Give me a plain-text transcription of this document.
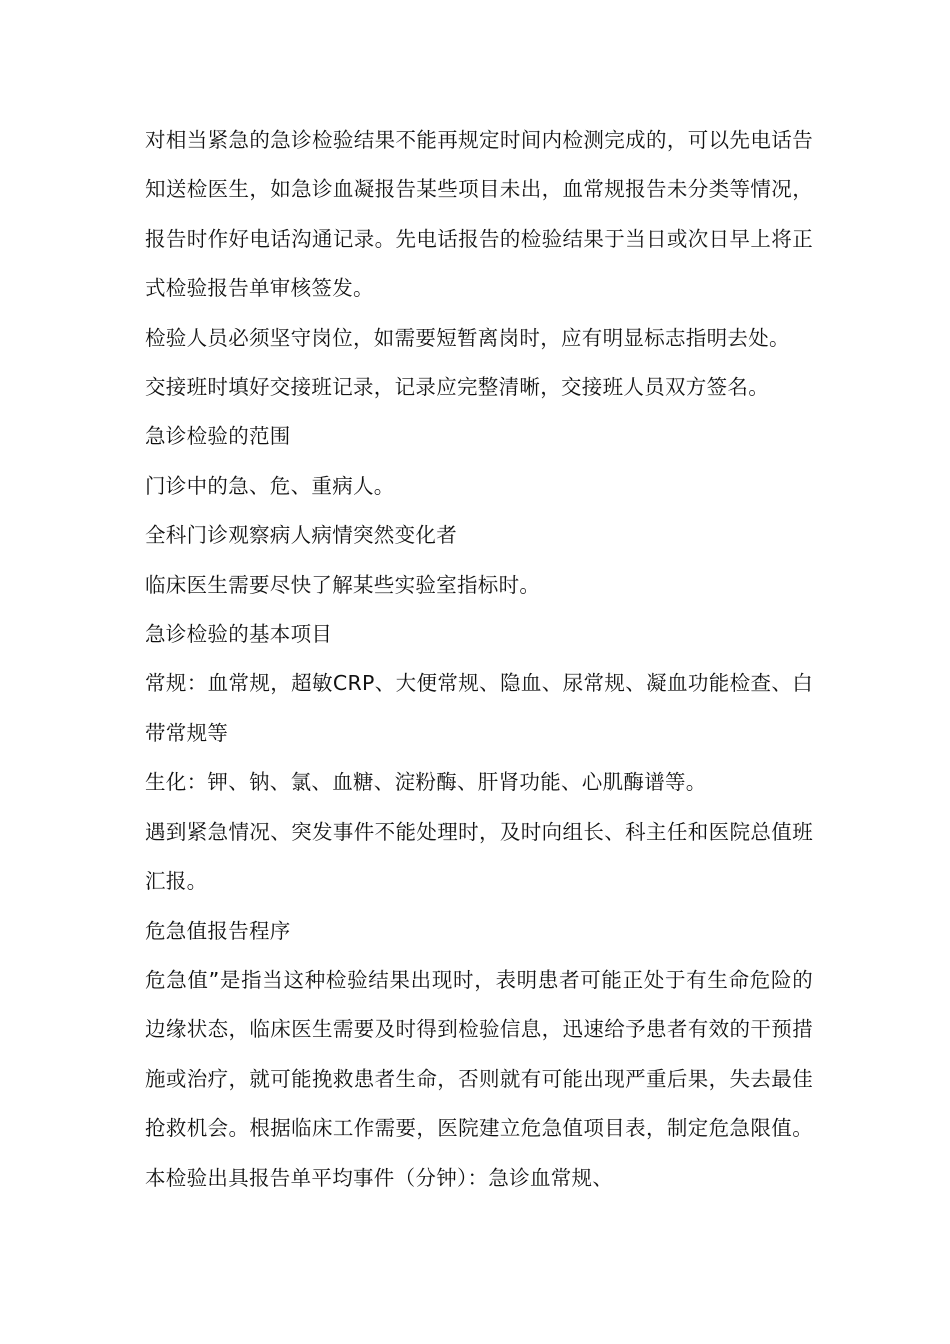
对相当紧急的急诊检验结果不能再规定时间内检测完成的，可以先电话告知送检医生，如急诊血凝报告某些项目未出，血常规报告未分类等情况，报告时作好电话沟通记录。先电话报告的检验结果于当日或次日早上将正式检验报告单审核签发。

检验人员必须坚守岗位，如需要短暂离岗时，应有明显标志指明去处。

交接班时填好交接班记录，记录应完整清晰，交接班人员双方签名。

急诊检验的范围

门诊中的急、危、重病人。

全科门诊观察病人病情突然变化者

临床医生需要尽快了解某些实验室指标时。

急诊检验的基本项目

常规：血常规，超敏CRP、大便常规、隐血、尿常规、凝血功能检查、白带常规等

生化：钾、钠、氯、血糖、淀粉酶、肝肾功能、心肌酶谱等。

遇到紧急情况、突发事件不能处理时，及时向组长、科主任和医院总值班汇报。

危急值报告程序

危急值”是指当这种检验结果出现时，表明患者可能正处于有生命危险的边缘状态，临床医生需要及时得到检验信息，迅速给予患者有效的干预措施或治疗，就可能挽救患者生命，否则就有可能出现严重后果，失去最佳抢救机会。根据临床工作需要，医院建立危急值项目表，制定危急限值。本检验出具报告单平均事件（分钟）：急诊血常规、
